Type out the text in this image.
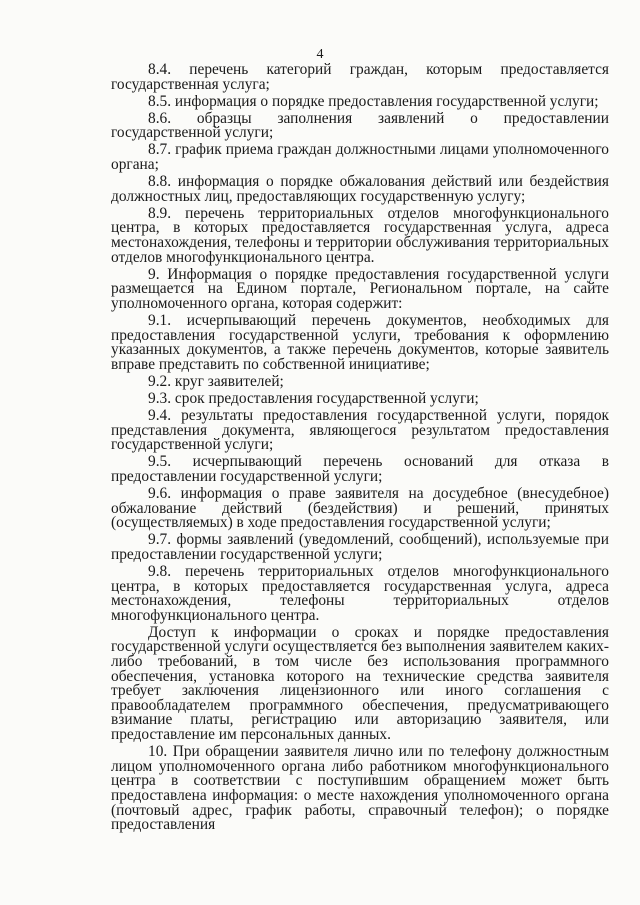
4

8.4. перечень категорий граждан, которым предоставляется государственная услуга;

8.5. информация о порядке предоставления государственной услуги;

8.6. образцы заполнения заявлений о предоставлении государственной услуги;

8.7. график приема граждан должностными лицами уполномоченного органа;

8.8. информация о порядке обжалования действий или бездействия должностных лиц, предоставляющих государственную услугу;

8.9. перечень территориальных отделов многофункционального центра, в которых предоставляется государственная услуга, адреса местонахождения, телефоны и территории обслуживания территориальных отделов многофункционального центра.

9. Информация о порядке предоставления государственной услуги размещается на Едином портале, Региональном портале, на сайте уполномоченного органа, которая содержит:

9.1. исчерпывающий перечень документов, необходимых для предоставления государственной услуги, требования к оформлению указанных документов, а также перечень документов, которые заявитель вправе представить по собственной инициативе;

9.2. круг заявителей;

9.3. срок предоставления государственной услуги;

9.4. результаты предоставления государственной услуги, порядок представления документа, являющегося результатом предоставления государственной услуги;

9.5. исчерпывающий перечень оснований для отказа в предоставлении государственной услуги;

9.6. информация о праве заявителя на досудебное (внесудебное) обжалование действий (бездействия) и решений, принятых (осуществляемых) в ходе предоставления государственной услуги;

9.7. формы заявлений (уведомлений, сообщений), используемые при предоставлении государственной услуги;

9.8. перечень территориальных отделов многофункционального центра, в которых предоставляется государственная услуга, адреса местонахождения, телефоны территориальных отделов многофункционального центра.

Доступ к информации о сроках и порядке предоставления государственной услуги осуществляется без выполнения заявителем каких-либо требований, в том числе без использования программного обеспечения, установка которого на технические средства заявителя требует заключения лицензионного или иного соглашения с правообладателем программного обеспечения, предусматривающего взимание платы, регистрацию или авторизацию заявителя, или предоставление им персональных данных.

10. При обращении заявителя лично или по телефону должностным лицом уполномоченного органа либо работником многофункционального центра в соответствии с поступившим обращением может быть предоставлена информация: о месте нахождения уполномоченного органа (почтовый адрес, график работы, справочный телефон); о порядке предоставления
